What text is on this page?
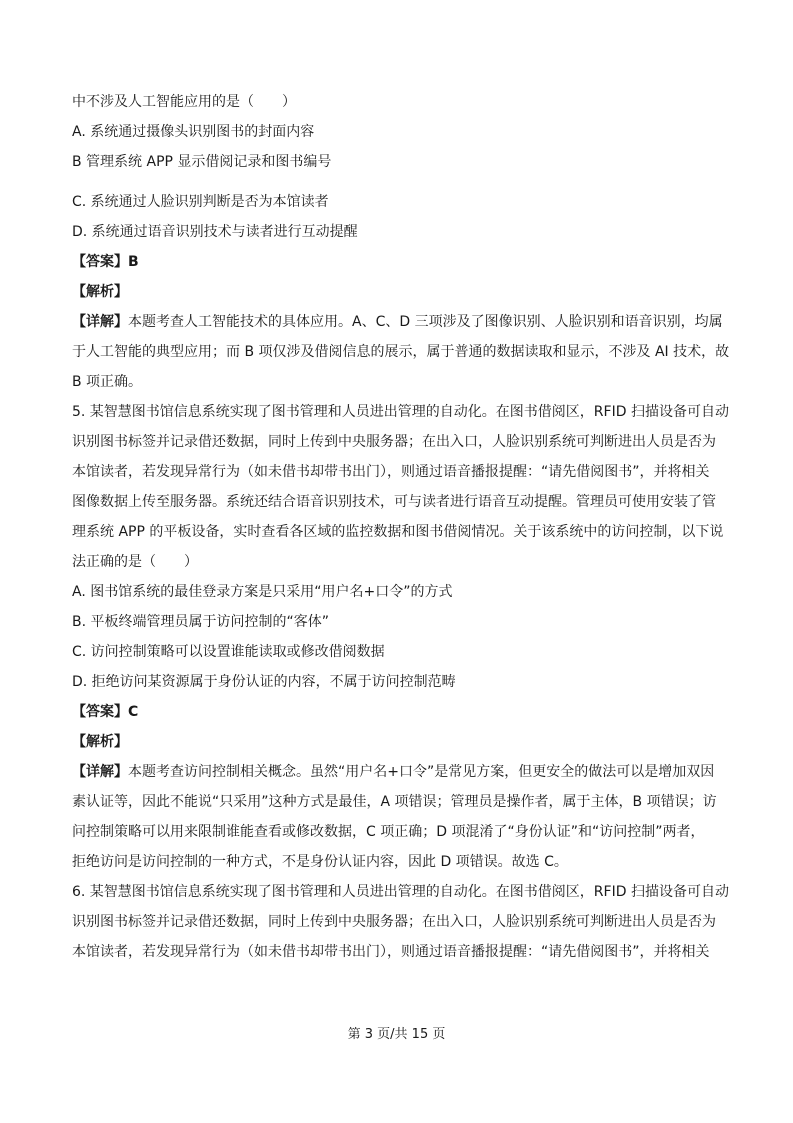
中不涉及人工智能应用的是（　　）

A. 系统通过摄像头识别图书的封面内容

B 管理系统 APP 显示借阅记录和图书编号

C. 系统通过人脸识别判断是否为本馆读者

D. 系统通过语音识别技术与读者进行互动提醒

【答案】B

【解析】

【详解】本题考查人工智能技术的具体应用。A、C、D 三项涉及了图像识别、人脸识别和语音识别，均属
于人工智能的典型应用；而 B 项仅涉及借阅信息的展示，属于普通的数据读取和显示，不涉及 AI 技术，故
B 项正确。
5. 某智慧图书馆信息系统实现了图书管理和人员进出管理的自动化。在图书借阅区，RFID 扫描设备可自动
识别图书标签并记录借还数据，同时上传到中央服务器；在出入口，人脸识别系统可判断进出人员是否为
本馆读者，若发现异常行为（如未借书却带书出门），则通过语音播报提醒：“请先借阅图书”，并将相关
图像数据上传至服务器。系统还结合语音识别技术，可与读者进行语音互动提醒。管理员可使用安装了管
理系统 APP 的平板设备，实时查看各区域的监控数据和图书借阅情况。关于该系统中的访问控制，以下说
法正确的是（　　）

A. 图书馆系统的最佳登录方案是只采用“用户名+口令”的方式

B. 平板终端管理员属于访问控制的“客体”

C. 访问控制策略可以设置谁能读取或修改借阅数据

D. 拒绝访问某资源属于身份认证的内容，不属于访问控制范畴

【答案】C

【解析】

【详解】本题考查访问控制相关概念。虽然“用户名+口令”是常见方案，但更安全的做法可以是增加双因
素认证等，因此不能说“只采用”这种方式是最佳，A 项错误；管理员是操作者，属于主体，B 项错误；访
问控制策略可以用来限制谁能查看或修改数据，C 项正确；D 项混淆了“身份认证”和“访问控制”两者，
拒绝访问是访问控制的一种方式，不是身份认证内容，因此 D 项错误。故选 C。
6. 某智慧图书馆信息系统实现了图书管理和人员进出管理的自动化。在图书借阅区，RFID 扫描设备可自动
识别图书标签并记录借还数据，同时上传到中央服务器；在出入口，人脸识别系统可判断进出人员是否为
本馆读者，若发现异常行为（如未借书却带书出门），则通过语音播报提醒：“请先借阅图书”，并将相关
第 3 页/共 15 页
